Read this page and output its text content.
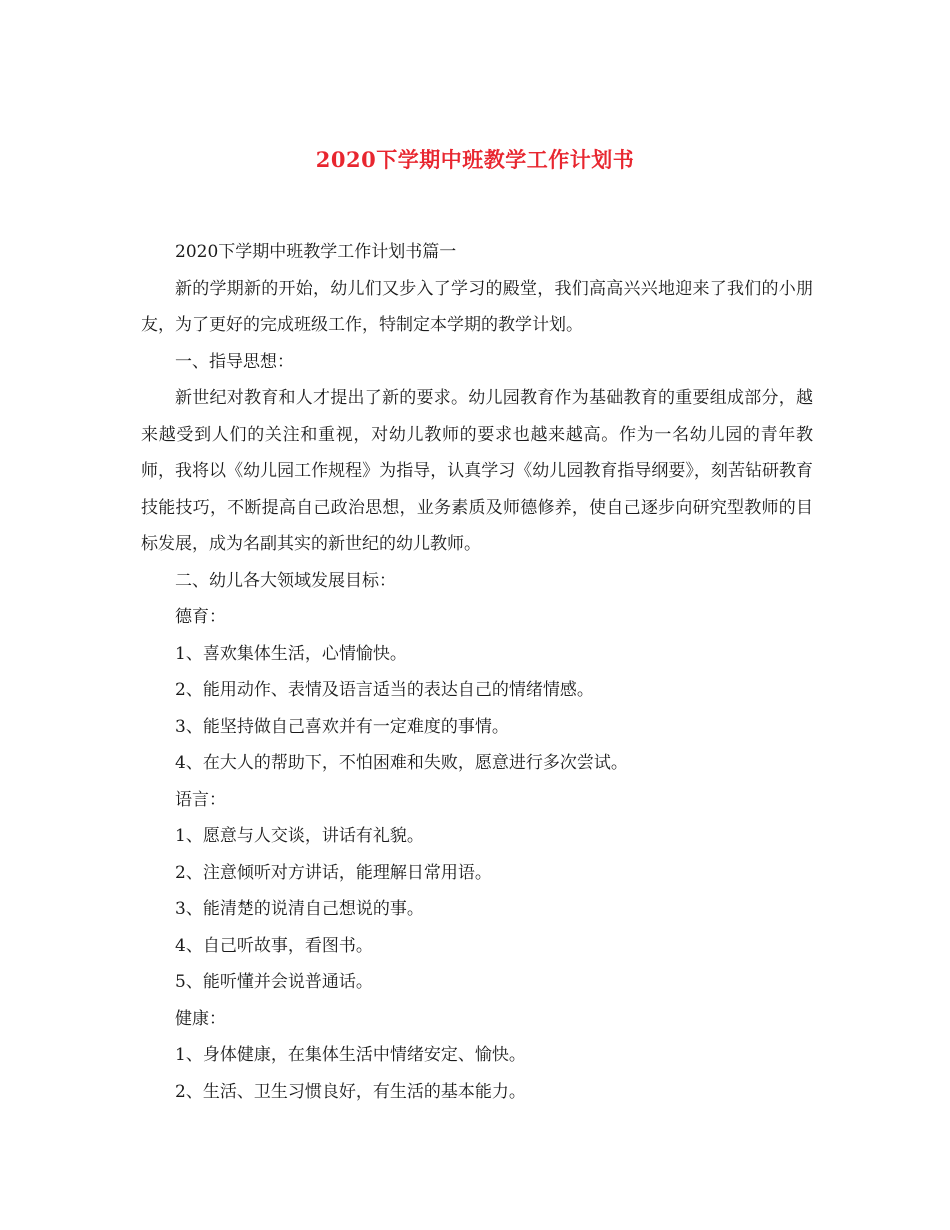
2020下学期中班教学工作计划书
2020下学期中班教学工作计划书篇一
新的学期新的开始，幼儿们又步入了学习的殿堂，我们高高兴兴地迎来了我们的小朋友，为了更好的完成班级工作，特制定本学期的教学计划。
一、指导思想：
新世纪对教育和人才提出了新的要求。幼儿园教育作为基础教育的重要组成部分，越来越受到人们的关注和重视，对幼儿教师的要求也越来越高。作为一名幼儿园的青年教师，我将以《幼儿园工作规程》为指导，认真学习《幼儿园教育指导纲要》，刻苦钻研教育技能技巧，不断提高自己政治思想，业务素质及师德修养，使自己逐步向研究型教师的目标发展，成为名副其实的新世纪的幼儿教师。
二、幼儿各大领域发展目标：
德育：
1、喜欢集体生活，心情愉快。
2、能用动作、表情及语言适当的表达自己的情绪情感。
3、能坚持做自己喜欢并有一定难度的事情。
4、在大人的帮助下，不怕困难和失败，愿意进行多次尝试。
语言：
1、愿意与人交谈，讲话有礼貌。
2、注意倾听对方讲话，能理解日常用语。
3、能清楚的说清自己想说的事。
4、自己听故事，看图书。
5、能听懂并会说普通话。
健康：
1、身体健康，在集体生活中情绪安定、愉快。
2、生活、卫生习惯良好，有生活的基本能力。
